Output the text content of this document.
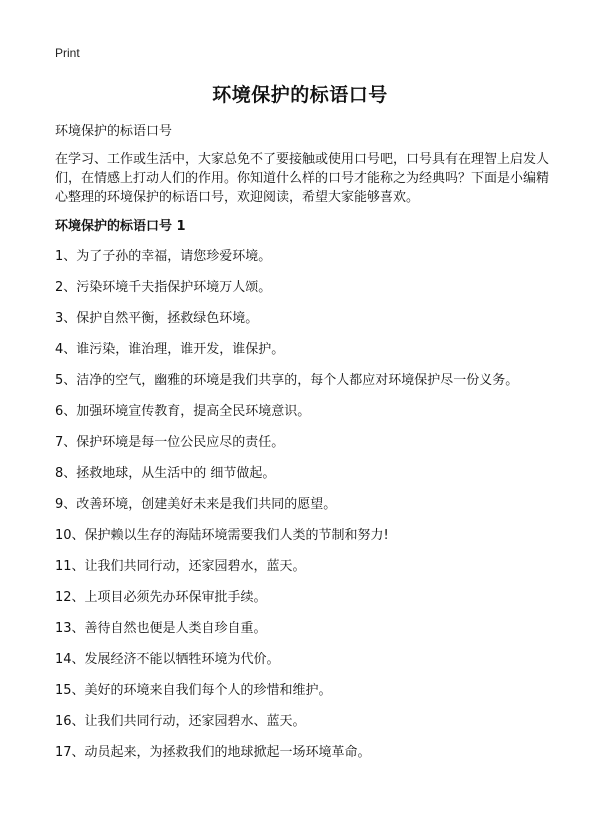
Print
环境保护的标语口号
环境保护的标语口号

在学习、工作或生活中，大家总免不了要接触或使用口号吧，口号具有在理智上启发人们，在情感上打动人们的作用。你知道什么样的口号才能称之为经典吗？下面是小编精心整理的环境保护的标语口号，欢迎阅读，希望大家能够喜欢。

环境保护的标语口号 1
1、为了子孙的幸福，请您珍爱环境。
2、污染环境千夫指保护环境万人颂。
3、保护自然平衡，拯救绿色环境。
4、谁污染，谁治理，谁开发，谁保护。
5、洁净的空气，幽雅的环境是我们共享的，每个人都应对环境保护尽一份义务。
6、加强环境宣传教育，提高全民环境意识。
7、保护环境是每一位公民应尽的责任。
8、拯救地球，从生活中的 细节做起。
9、改善环境，创建美好未来是我们共同的愿望。
10、保护赖以生存的海陆环境需要我们人类的节制和努力!
11、让我们共同行动，还家园碧水，蓝天。
12、上项目必须先办环保审批手续。
13、善待自然也便是人类自珍自重。
14、发展经济不能以牺牲环境为代价。
15、美好的环境来自我们每个人的珍惜和维护。
16、让我们共同行动，还家园碧水、蓝天。
17、动员起来，为拯救我们的地球掀起一场环境革命。
